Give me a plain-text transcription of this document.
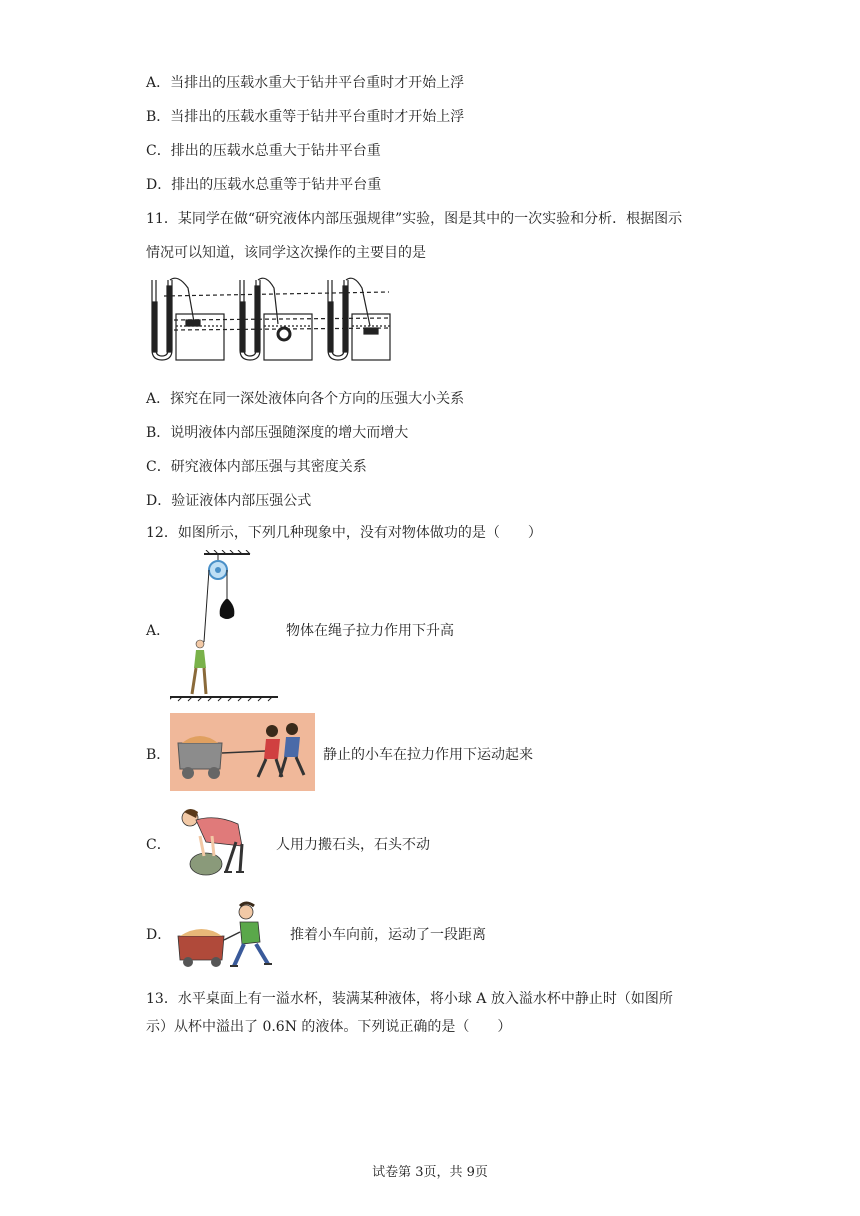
A．当排出的压载水重大于钻井平台重时才开始上浮
B．当排出的压载水重等于钻井平台重时才开始上浮
C．排出的压载水总重大于钻井平台重
D．排出的压载水总重等于钻井平台重
11．某同学在做“研究液体内部压强规律”实验，图是其中的一次实验和分析．根据图示
情况可以知道，该同学这次操作的主要目的是
A．探究在同一深处液体向各个方向的压强大小关系
B．说明液体内部压强随深度的增大而增大
C．研究液体内部压强与其密度关系
D．验证液体内部压强公式
12．如图所示，下列几种现象中，没有对物体做功的是（　　）
A．	物体在绳子拉力作用下升高
B．	静止的小车在拉力作用下运动起来
C．	人用力搬石头，石头不动
D．	推着小车向前，运动了一段距离
13．水平桌面上有一溢水杯，装满某种液体，将小球 A 放入溢水杯中静止时（如图所
示）从杯中溢出了 0.6N 的液体。下列说正确的是（　　）
试卷第 3页，共 9页
